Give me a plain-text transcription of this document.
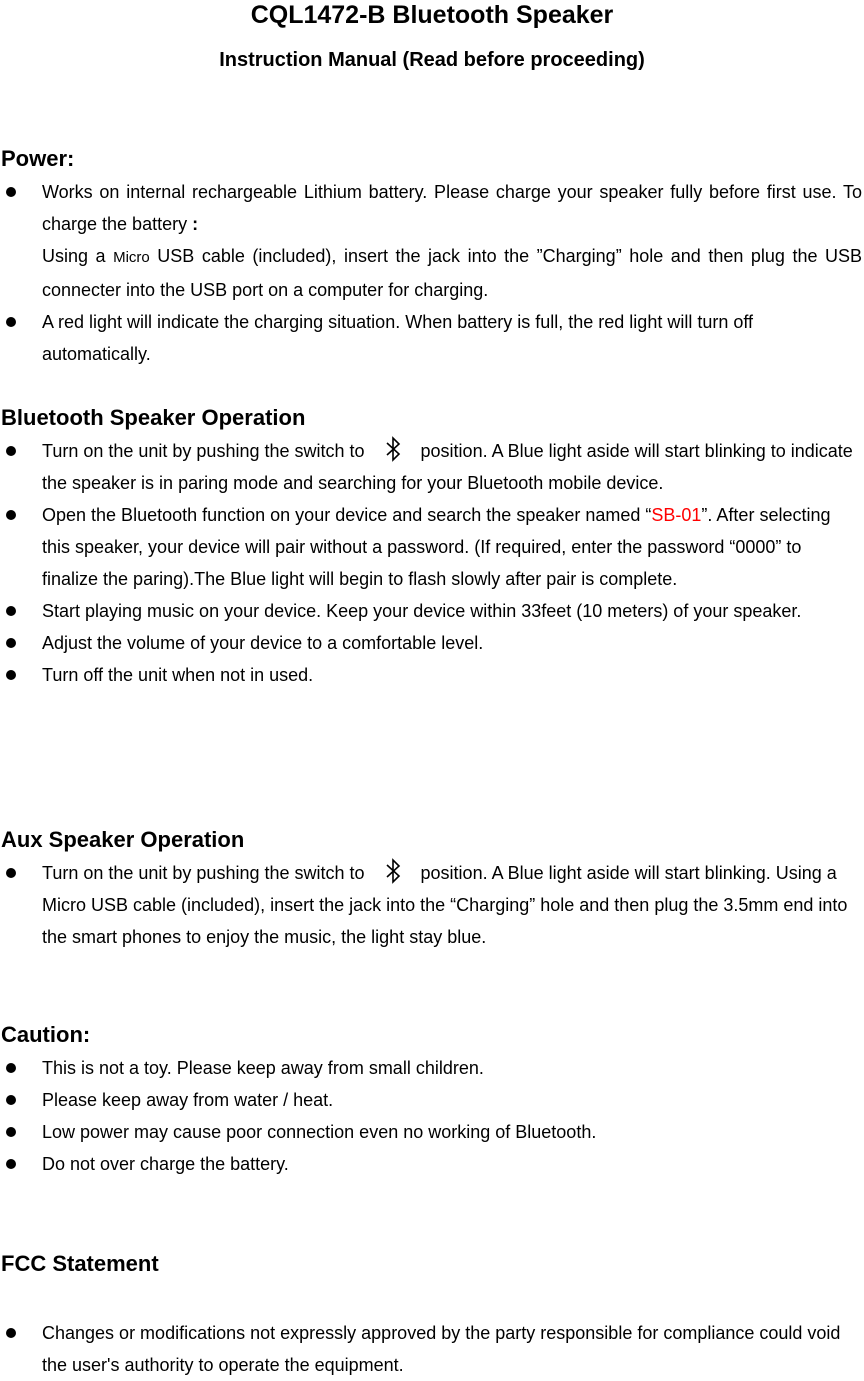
CQL1472-B Bluetooth Speaker
Instruction Manual (Read before proceeding)
Power:
Works on internal rechargeable Lithium battery. Please charge your speaker fully before first use. To charge the battery :
Using a Micro USB cable (included), insert the jack into the ”Charging” hole and then plug the USB connecter into the USB port on a computer for charging.
A red light will indicate the charging situation. When battery is full, the red light will turn off automatically.
Bluetooth Speaker Operation
Turn on the unit by pushing the switch to	position. A Blue light aside will start blinking to indicate the speaker is in paring mode and searching for your Bluetooth mobile device.
Open the Bluetooth function on your device and search the speaker named “SB-01”. After selecting this speaker, your device will pair without a password. (If required, enter the password “0000” to finalize the paring).The Blue light will begin to flash slowly after pair is complete.
Start playing music on your device. Keep your device within 33feet (10 meters) of your speaker.
Adjust the volume of your device to a comfortable level.
Turn off the unit when not in used.
Aux Speaker Operation
Turn on the unit by pushing the switch to	position. A Blue light aside will start blinking. Using a Micro USB cable (included), insert the jack into the “Charging” hole and then plug the 3.5mm end into the smart phones to enjoy the music, the light stay blue.
Caution:
This is not a toy. Please keep away from small children.
Please keep away from water / heat.
Low power may cause poor connection even no working of Bluetooth.
Do not over charge the battery.
FCC Statement
Changes or modifications not expressly approved by the party responsible for compliance could void the user's authority to operate the equipment.
